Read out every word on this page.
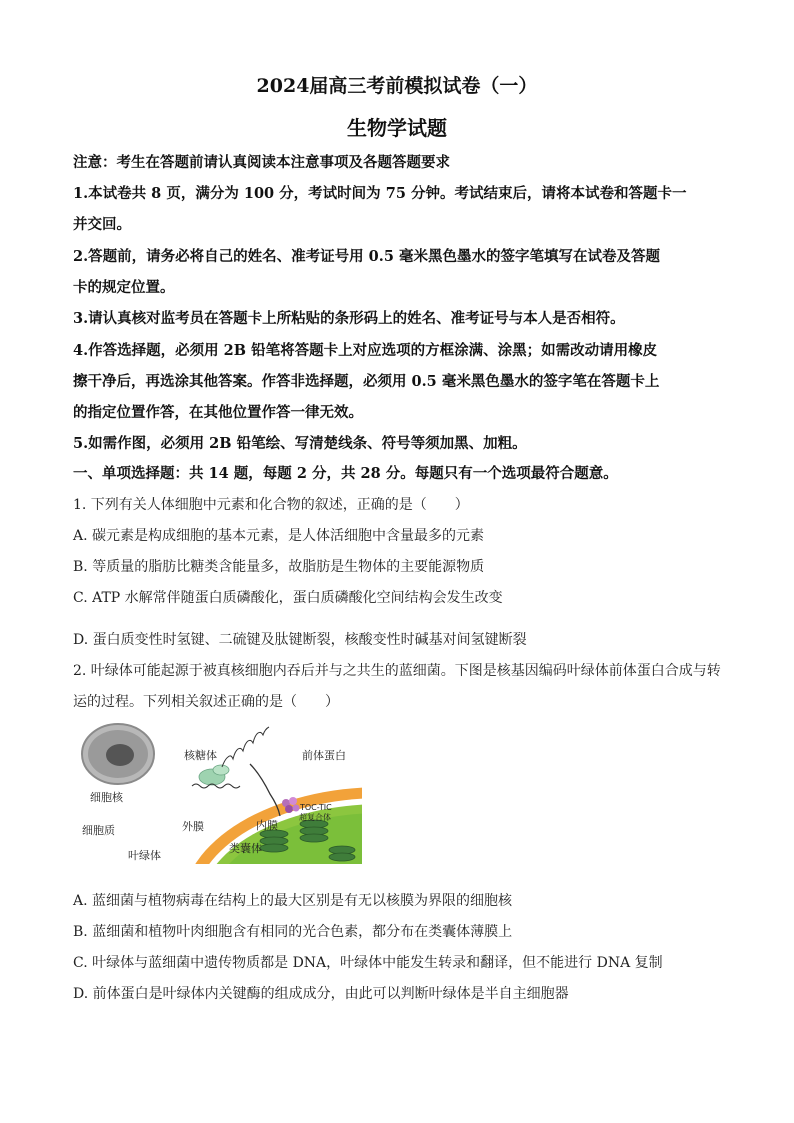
2024届高三考前模拟试卷（一）
生物学试题
注意：考生在答题前请认真阅读本注意事项及各题答题要求
1.本试卷共 8 页，满分为 100 分，考试时间为 75 分钟。考试结束后，请将本试卷和答题卡一
并交回。
2.答题前，请务必将自己的姓名、准考证号用 0.5 毫米黑色墨水的签字笔填写在试卷及答题
卡的规定位置。
3.请认真核对监考员在答题卡上所粘贴的条形码上的姓名、准考证号与本人是否相符。
4.作答选择题，必须用 2B 铅笔将答题卡上对应选项的方框涂满、涂黑；如需改动请用橡皮
擦干净后，再选涂其他答案。作答非选择题，必须用 0.5 毫米黑色墨水的签字笔在答题卡上
的指定位置作答，在其他位置作答一律无效。
5.如需作图，必须用 2B 铅笔绘、写清楚线条、符号等须加黑、加粗。
一、单项选择题：共 14 题，每题 2 分，共 28 分。每题只有一个选项最符合题意。
1. 下列有关人体细胞中元素和化合物的叙述，正确的是（　　）
A. 碳元素是构成细胞的基本元素，是人体活细胞中含量最多的元素
B. 等质量的脂肪比糖类含能量多，故脂肪是生物体的主要能源物质
C. ATP 水解常伴随蛋白质磷酸化，蛋白质磷酸化空间结构会发生改变
D. 蛋白质变性时氢键、二硫键及肽键断裂，核酸变性时碱基对间氢键断裂
2. 叶绿体可能起源于被真核细胞内吞后并与之共生的蓝细菌。下图是核基因编码叶绿体前体蛋白合成与转
运的过程。下列相关叙述正确的是（　　）
细胞核
细胞质
叶绿体
核糖体	前体蛋白
TOC-TIC
超复合体
外膜	内膜
类囊体
A. 蓝细菌与植物病毒在结构上的最大区别是有无以核膜为界限的细胞核
B. 蓝细菌和植物叶肉细胞含有相同的光合色素，都分布在类囊体薄膜上
C. 叶绿体与蓝细菌中遗传物质都是 DNA，叶绿体中能发生转录和翻译，但不能进行 DNA 复制
D. 前体蛋白是叶绿体内关键酶的组成成分，由此可以判断叶绿体是半自主细胞器
